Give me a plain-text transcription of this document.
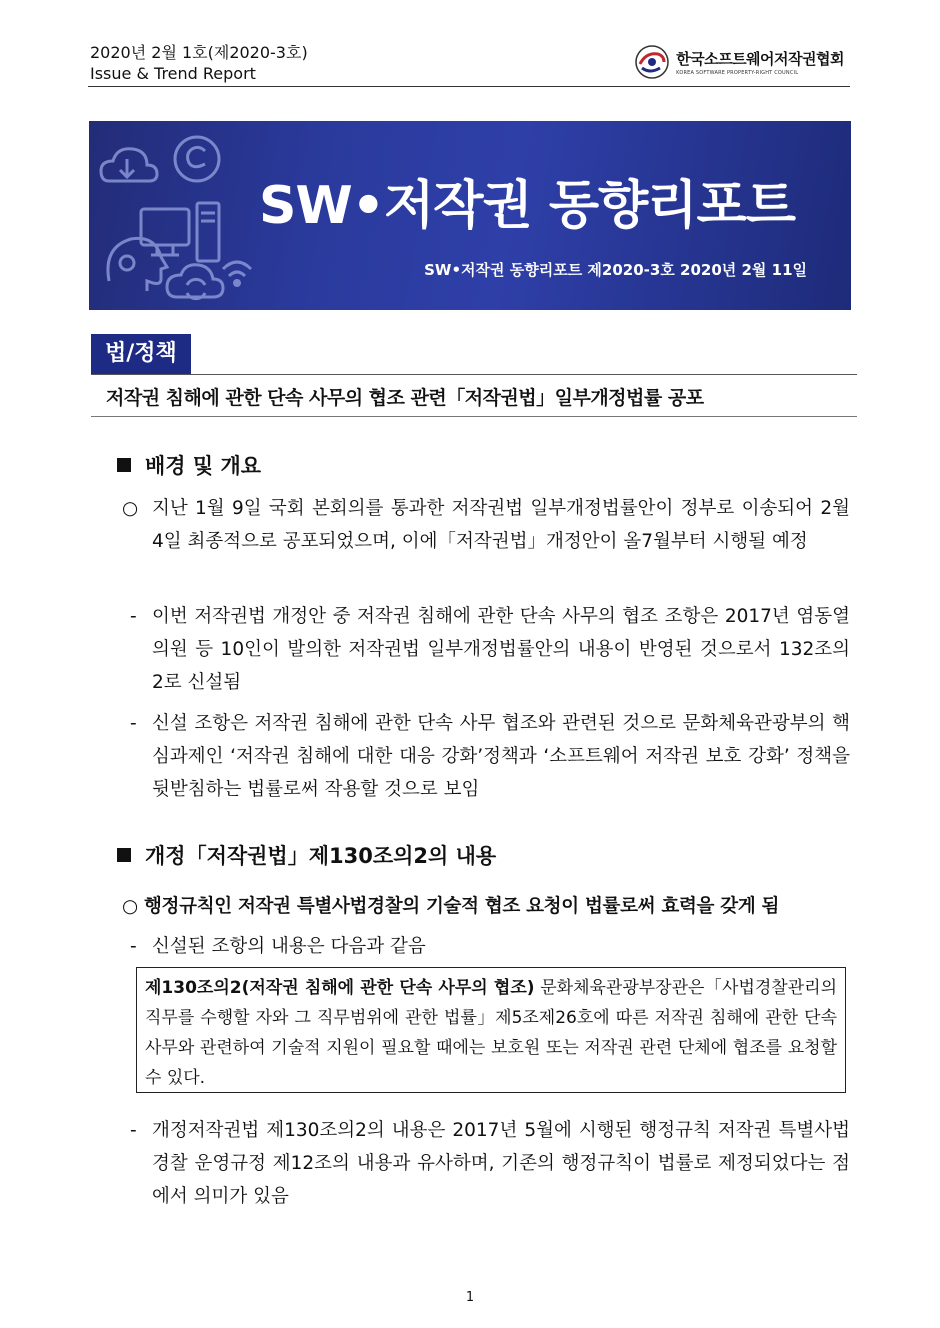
2020년 2월 1호(제2020-3호)
Issue & Trend Report
한국소프트웨어저작권협회
KOREA SOFTWARE PROPERTY-RIGHT COUNCIL
SW•저작권 동향리포트
SW•저작권 동향리포트 제2020-3호 2020년 2월 11일
법/정책
저작권 침해에 관한 단속 사무의 협조 관련「저작권법」일부개정법률 공포
배경 및 개요
○ 지난 1월 9일 국회 본회의를 통과한 저작권법 일부개정법률안이 정부로 이송되어 2월 4일 최종적으로 공포되었으며, 이에「저작권법」개정안이 올7월부터 시행될 예정
- 이번 저작권법 개정안 중 저작권 침해에 관한 단속 사무의 협조 조항은 2017년 염동열의원 등 10인이 발의한 저작권법 일부개정법률안의 내용이 반영된 것으로서 132조의 2로 신설됨
- 신설 조항은 저작권 침해에 관한 단속 사무 협조와 관련된 것으로 문화체육관광부의 핵심과제인 ‘저작권 침해에 대한 대응 강화’정책과 ‘소프트웨어 저작권 보호 강화’ 정책을 뒷받침하는 법률로써 작용할 것으로 보임
개정「저작권법」제130조의2의 내용
○ 행정규칙인 저작권 특별사법경찰의 기술적 협조 요청이 법률로써 효력을 갖게 됨
- 신설된 조항의 내용은 다음과 같음
제130조의2(저작권 침해에 관한 단속 사무의 협조) 문화체육관광부장관은「사법경찰관리의 직무를 수행할 자와 그 직무범위에 관한 법률」제5조제26호에 따른 저작권 침해에 관한 단속 사무와 관련하여 기술적 지원이 필요할 때에는 보호원 또는 저작권 관련 단체에 협조를 요청할 수 있다.
- 개정저작권법 제130조의2의 내용은 2017년 5월에 시행된 행정규칙 저작권 특별사법경찰 운영규정 제12조의 내용과 유사하며, 기존의 행정규칙이 법률로 제정되었다는 점에서 의미가 있음
1
